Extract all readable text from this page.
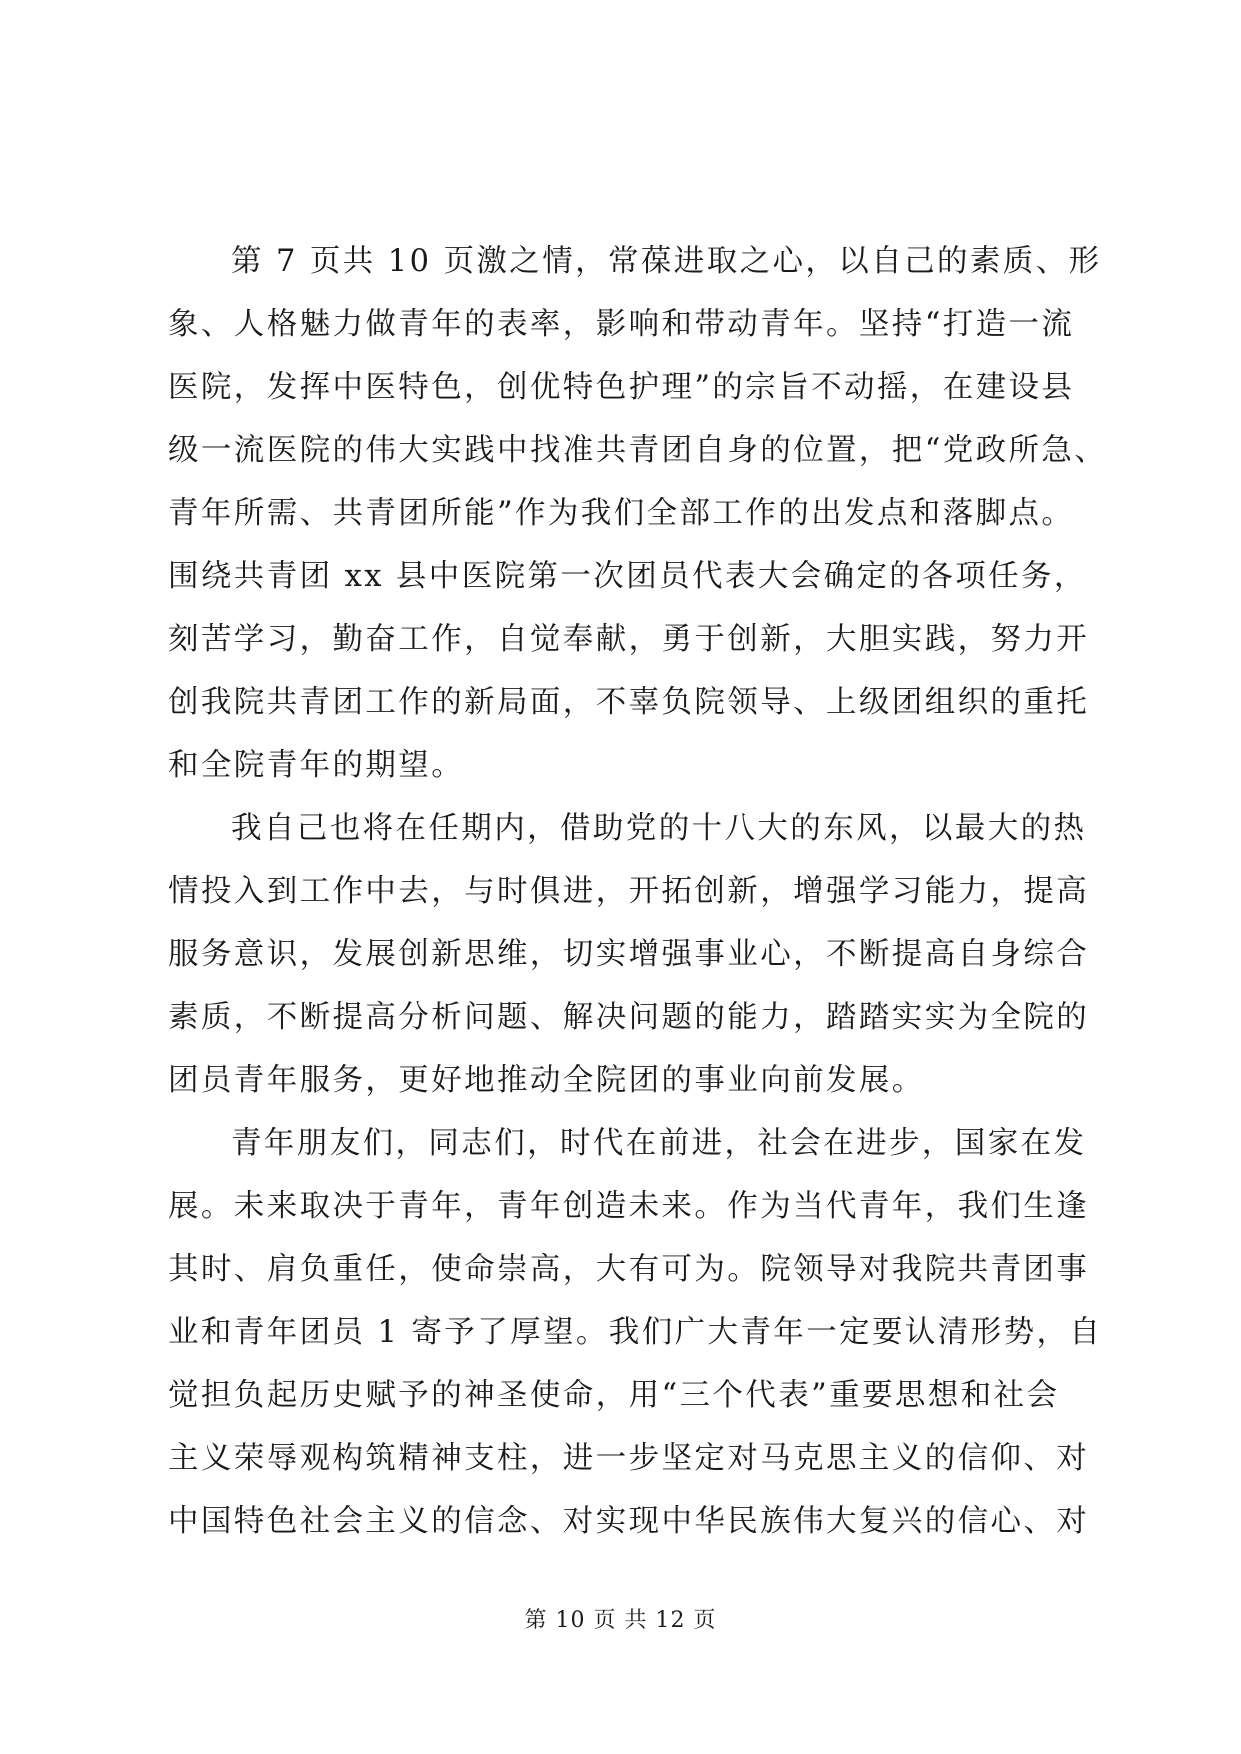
第 7 页共 10 页激之情，常葆进取之心，以自己的素质、形
象、人格魅力做青年的表率，影响和带动青年。坚持“打造一流
医院，发挥中医特色，创优特色护理”的宗旨不动摇，在建设县
级一流医院的伟大实践中找准共青团自身的位置，把“党政所急、
青年所需、共青团所能”作为我们全部工作的出发点和落脚点。
围绕共青团 xx 县中医院第一次团员代表大会确定的各项任务，
刻苦学习，勤奋工作，自觉奉献，勇于创新，大胆实践，努力开
创我院共青团工作的新局面，不辜负院领导、上级团组织的重托
和全院青年的期望。
我自己也将在任期内，借助党的十八大的东风，以最大的热
情投入到工作中去，与时俱进，开拓创新，增强学习能力，提高
服务意识，发展创新思维，切实增强事业心，不断提高自身综合
素质，不断提高分析问题、解决问题的能力，踏踏实实为全院的
团员青年服务，更好地推动全院团的事业向前发展。
青年朋友们，同志们，时代在前进，社会在进步，国家在发
展。未来取决于青年，青年创造未来。作为当代青年，我们生逢
其时、肩负重任，使命崇高，大有可为。院领导对我院共青团事
业和青年团员 1 寄予了厚望。我们广大青年一定要认清形势，自
觉担负起历史赋予的神圣使命，用“三个代表”重要思想和社会
主义荣辱观构筑精神支柱，进一步坚定对马克思主义的信仰、对
中国特色社会主义的信念、对实现中华民族伟大复兴的信心、对
第 10 页 共 12 页
